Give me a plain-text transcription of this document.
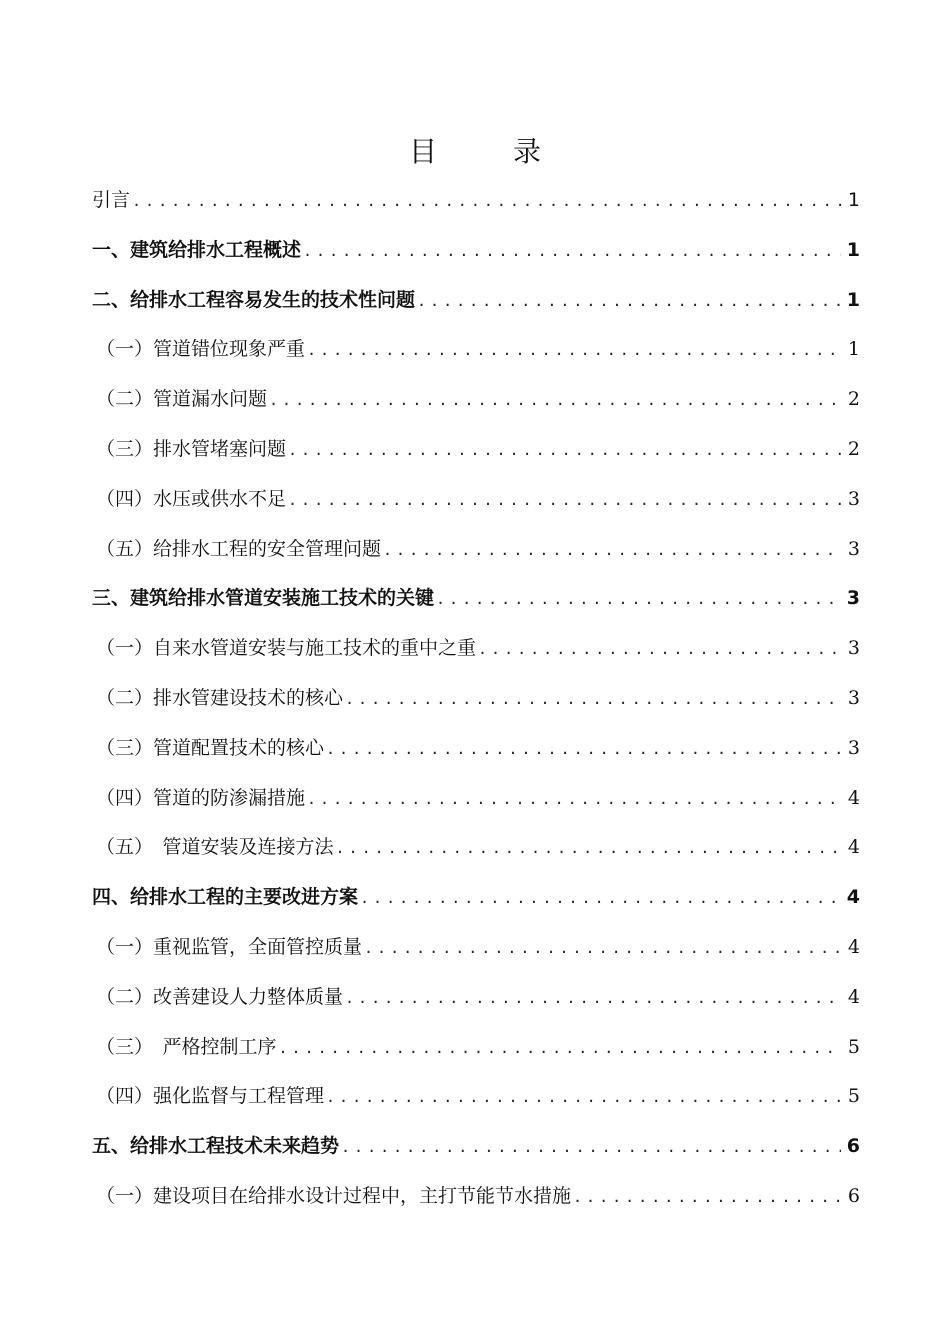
目　录
引言 .....	1
一、建筑给排水工程概述 .....	1
二、给排水工程容易发生的技术性问题 .....	1
（一）管道错位现象严重 .....	1
（二）管道漏水问题 .....	2
（三）排水管堵塞问题 .....	2
（四）水压或供水不足 .....	3
（五）给排水工程的安全管理问题 .....	3
三、建筑给排水管道安装施工技术的关键 .....	3
（一）自来水管道安装与施工技术的重中之重 .....	3
（二）排水管建设技术的核心 .....	3
（三）管道配置技术的核心 .....	3
（四）管道的防渗漏措施 .....	4
（五）　管道安装及连接方法 .....	4
四、给排水工程的主要改进方案 .....	4
（一）重视监管，全面管控质量 .....	4
（二）改善建设人力整体质量 .....	4
（三）　严格控制工序 .....	5
（四）强化监督与工程管理 .....	5
五、给排水工程技术未来趋势 .....	6
（一）建设项目在给排水设计过程中，主打节能节水措施 .....	6
